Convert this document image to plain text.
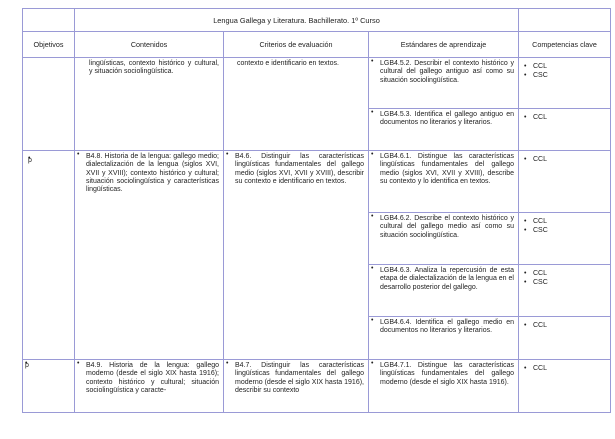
	Lengua Gallega y Literatura. Bachillerato. 1º Curso			
Objetivos	Contenidos	Criterios de evaluación	Estándares de aprendizaje	Competencias clave

	lingüísticas, contexto histórico y cultural, y situación sociolingüística.	contexto e identificario en textos.	• LGB4.5.2. Describir el contexto histórico y cultural del gallego antiguo así como su situación sociolingüística.	• CCL
• CSC

			• LGB4.5.3. Identifica el gallego antiguo en documentos no literarios y literarios.	• CCL

• p	• B4.8. Historia de la lengua: gallego medio; dialectalización de la lengua (siglos XVI, XVII y XVIII); contexto histórico y cultural; situación sociolingüística y características lingüísticas.	• B4.6. Distinguir las características lingüísticas fundamentales del gallego medio (siglos XVI, XVII y XVIII), describir su contexto e identificario en textos.	• LGB4.6.1. Distingue las características lingüísticas fundamentales del gallego medio (siglos XVI, XVII y XVIII), describe su contexto y lo identifica en textos.	• CCL

			• LGB4.6.2. Describe el contexto histórico y cultural del gallego medio así como su situación sociolingüística.	• CCL
• CSC

			• LGB4.6.3. Analiza la repercusión de esta etapa de dialectalización de la lengua en el desarrollo posterior del gallego.	• CCL
• CSC

			• LGB4.6.4. Identifica el gallego medio en documentos no literarios y literarios.	• CCL

• p	• B4.9. Historia de la lengua: gallego moderno (desde el siglo XIX hasta 1916); contexto histórico y cultural; situación sociolingüística y caracte-	• B4.7. Distinguir las características lingüísticas fundamentales del gallego moderno (desde el siglo XIX hasta 1916), describir su contexto	• LGB4.7.1. Distingue las características lingüísticas fundamentales del gallego moderno (desde el siglo XIX hasta 1916).	• CCL
